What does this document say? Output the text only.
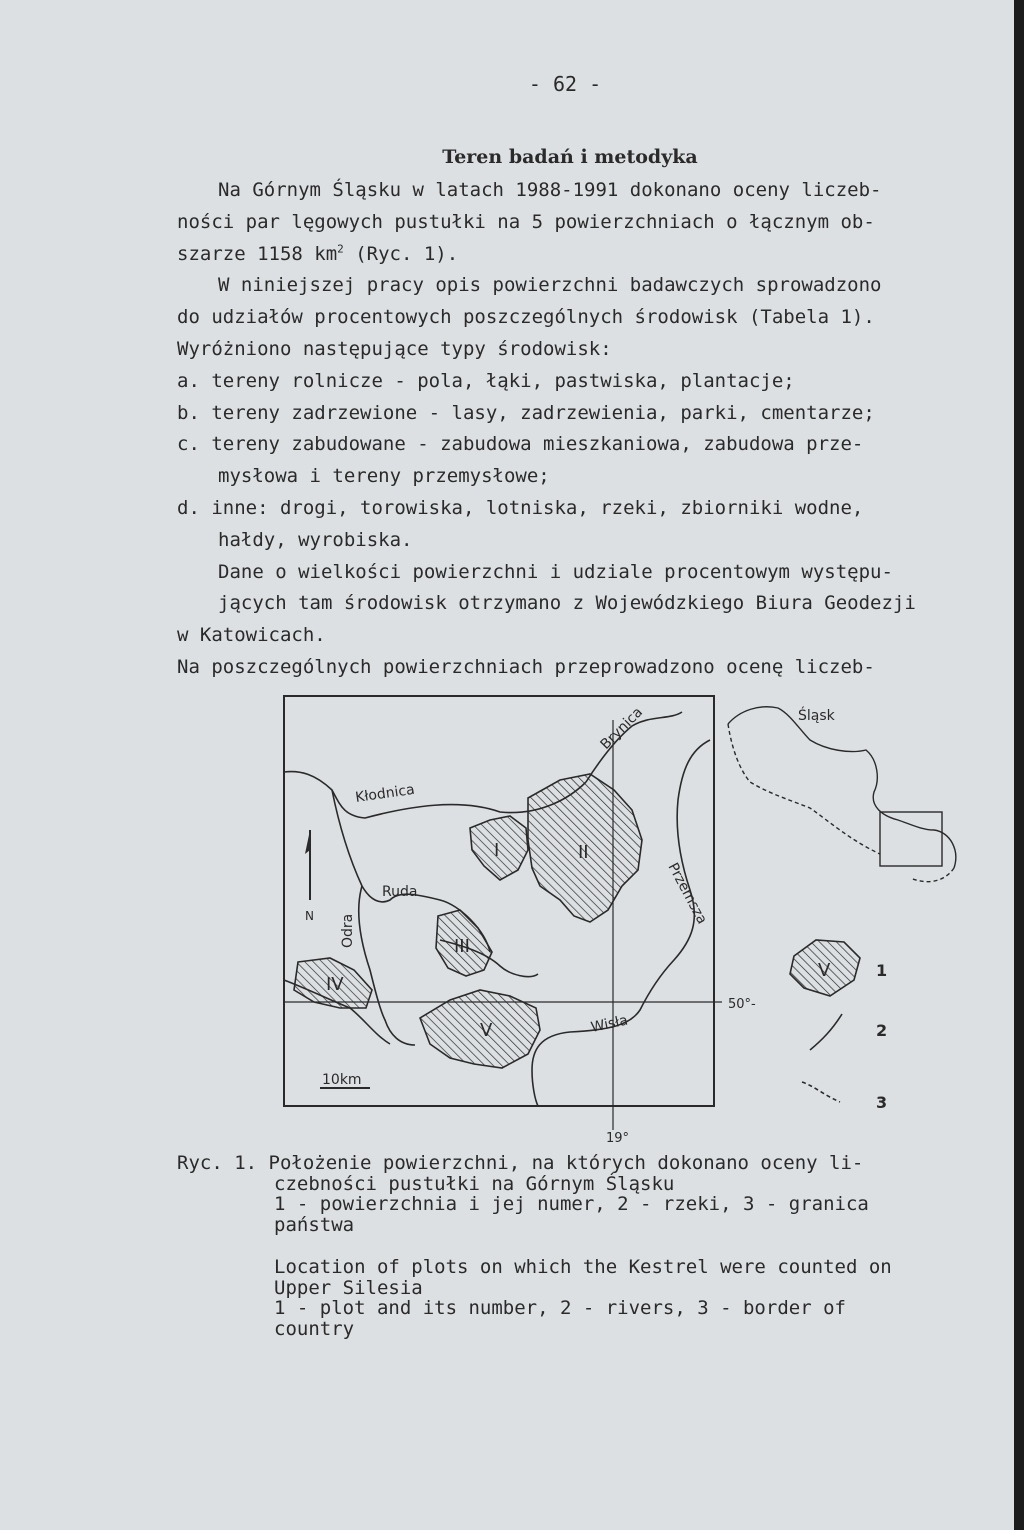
- 62 -
Teren badań i metodyka
Na Górnym Śląsku w latach 1988-1991 dokonano oceny liczeb-
ności par lęgowych pustułki na 5 powierzchniach o łącznym ob-
szarze 1158 $km^2$ (Ryc. 1).
W niniejszej pracy opis powierzchni badawczych sprowadzono
do udziałów procentowych poszczególnych środowisk (Tabela 1).
Wyróżniono następujące typy środowisk:
a. tereny rolnicze - pola, łąki, pastwiska, plantacje;
b. tereny zadrzewione - lasy, zadrzewienia, parki, cmentarze;
c. tereny zabudowane - zabudowa mieszkaniowa, zabudowa prze-
mysłowa i tereny przemysłowe;
d. inne: drogi, torowiska, lotniska, rzeki, zbiorniki wodne,
hałdy, wyrobiska.
Dane o wielkości powierzchni i udziale procentowym występu-
jących tam środowisk otrzymano z Wojewódzkiego Biura Geodezji
w Katowicach.
Na poszczególnych powierzchniach przeprowadzono ocenę liczeb-
I	II
III
IV
V
Kłodnica
Brynica
Ruda
Odra
Przemsza
Wisła
N
10km
50°-
19°
Śląsk
V	1
2
3
Ryc. 1. Położenie powierzchni, na których dokonano oceny li-
czebności pustułki na Górnym Śląsku
1 - powierzchnia i jej numer, 2 - rzeki, 3 - granica
państwa
Location of plots on which the Kestrel were counted on
Upper Silesia
1 - plot and its number, 2 - rivers, 3 - border of
country
